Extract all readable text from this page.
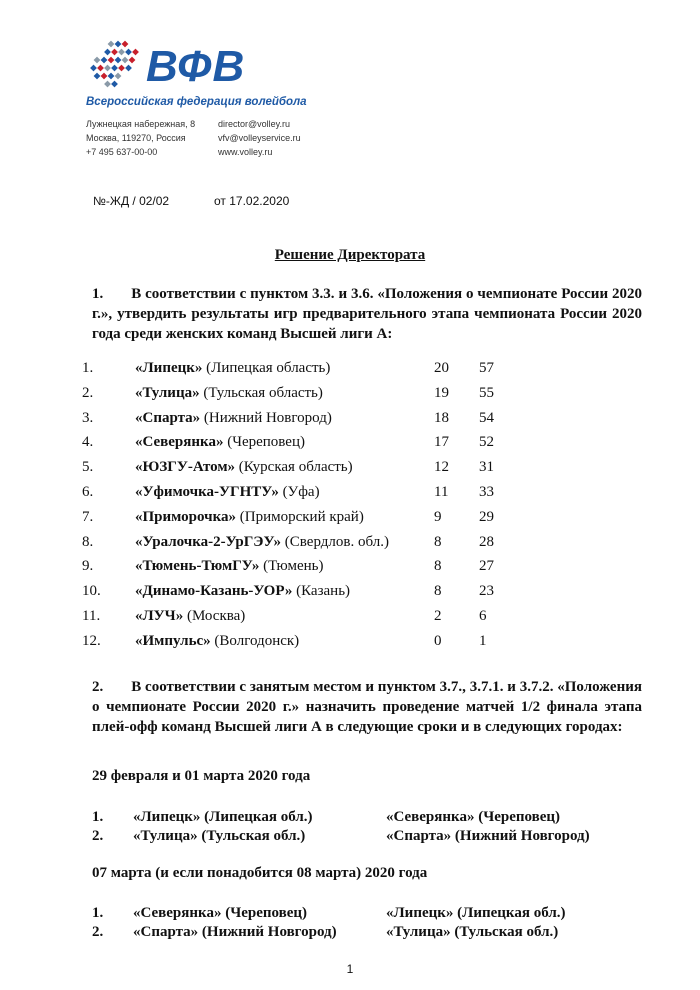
ВФВ
Всероссийская федерация волейбола
Лужнецкая набережная, 8
Москва, 119270, Россия
+7 495 637-00-00
director@volley.ru
vfv@volleyservice.ru
www.volley.ru
№-ЖД / 02/02	от 17.02.2020
Решение Директората
1. В соответствии с пунктом 3.3. и 3.6. «Положения о чемпионате России 2020 г.», утвердить результаты игр предварительного этапа чемпионата России 2020 года среди женских команд Высшей лиги А:
1.	«Липецк» (Липецкая область)	20 57
2.	«Тулица» (Тульская область)	19 55
3.	«Спарта» (Нижний Новгород)	18 54
4.	«Северянка» (Череповец)	17 52
5.	«ЮЗГУ-Атом» (Курская область)	12 31
6.	«Уфимочка-УГНТУ» (Уфа)	11 33
7.	«Приморочка» (Приморский край)	9	29
8.	«Уралочка-2-УрГЭУ» (Свердлов. обл.)	8	28
9.	«Тюмень-ТюмГУ» (Тюмень)	8	27
10. «Динамо-Казань-УОР» (Казань)	8	23
11. «ЛУЧ» (Москва)	2	6
12. «Импульс» (Волгодонск)	0	1
2. В соответствии с занятым местом и пунктом 3.7., 3.7.1. и 3.7.2. «Положения о чемпионате России 2020 г.» назначить проведение матчей 1/2 финала этапа плей-офф команд Высшей лиги А в следующие сроки и в следующих городах:
29 февраля и 01 марта 2020 года
1. «Липецк» (Липецкая обл.)	«Северянка» (Череповец)
2. «Тулица» (Тульская обл.)	«Спарта» (Нижний Новгород)
07 марта (и если понадобится 08 марта) 2020 года
1. «Северянка» (Череповец)	«Липецк» (Липецкая обл.)
2. «Спарта» (Нижний Новгород)	«Тулица» (Тульская обл.)
1
